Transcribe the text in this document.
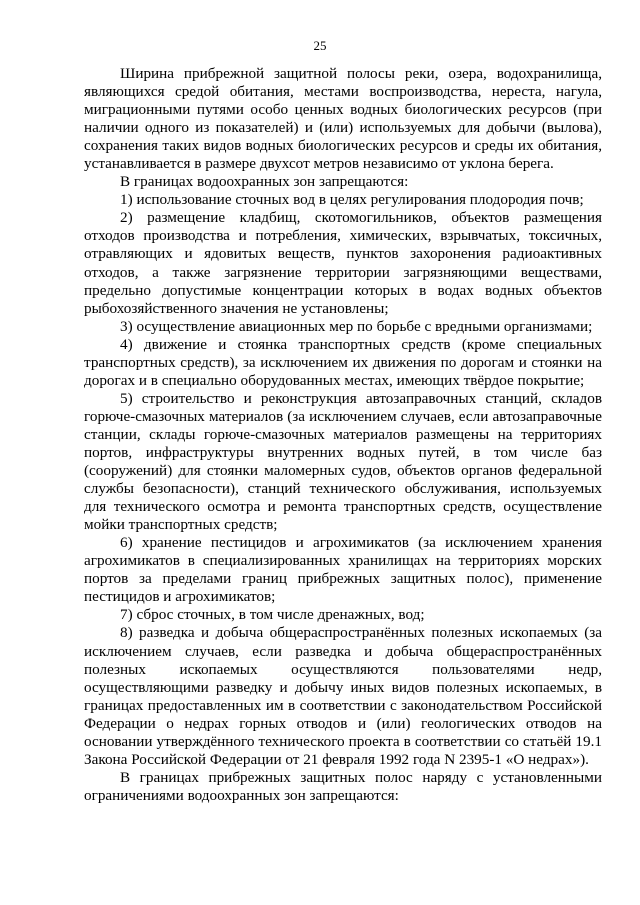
25

Ширина прибрежной защитной полосы реки, озера, водохранилища, являющихся средой обитания, местами воспроизводства, нереста, нагула, миграционными путями особо ценных водных биологических ресурсов (при наличии одного из показателей) и (или) используемых для добычи (вылова), сохранения таких видов водных биологических ресурсов и среды их обитания, устанавливается в размере двухсот метров независимо от уклона берега.

В границах водоохранных зон запрещаются:

1) использование сточных вод в целях регулирования плодородия почв;

2) размещение кладбищ, скотомогильников, объектов размещения отходов производства и потребления, химических, взрывчатых, токсичных, отравляющих и ядовитых веществ, пунктов захоронения радиоактивных отходов, а также загрязнение территории загрязняющими веществами, предельно допустимые концентрации которых в водах водных объектов рыбохозяйственного значения не установлены;

3) осуществление авиационных мер по борьбе с вредными организмами;

4) движение и стоянка транспортных средств (кроме специальных транспортных средств), за исключением их движения по дорогам и стоянки на дорогах и в специально оборудованных местах, имеющих твёрдое покрытие;

5) строительство и реконструкция автозаправочных станций, складов горюче-смазочных материалов (за исключением случаев, если автозаправочные станции, склады горюче-смазочных материалов размещены на территориях портов, инфраструктуры внутренних водных путей, в том числе баз (сооружений) для стоянки маломерных судов, объектов органов федеральной службы безопасности), станций технического обслуживания, используемых для технического осмотра и ремонта транспортных средств, осуществление мойки транспортных средств;

6) хранение пестицидов и агрохимикатов (за исключением хранения агрохимикатов в специализированных хранилищах на территориях морских портов за пределами границ прибрежных защитных полос), применение пестицидов и агрохимикатов;

7) сброс сточных, в том числе дренажных, вод;

8) разведка и добыча общераспространённых полезных ископаемых (за исключением случаев, если разведка и добыча общераспространённых полезных ископаемых осуществляются пользователями недр, осуществляющими разведку и добычу иных видов полезных ископаемых, в границах предоставленных им в соответствии с законодательством Российской Федерации о недрах горных отводов и (или) геологических отводов на основании утверждённого технического проекта в соответствии со статьёй 19.1 Закона Российской Федерации от 21 февраля 1992 года N 2395-1 «О недрах»).

В границах прибрежных защитных полос наряду с установленными ограничениями водоохранных зон запрещаются:
